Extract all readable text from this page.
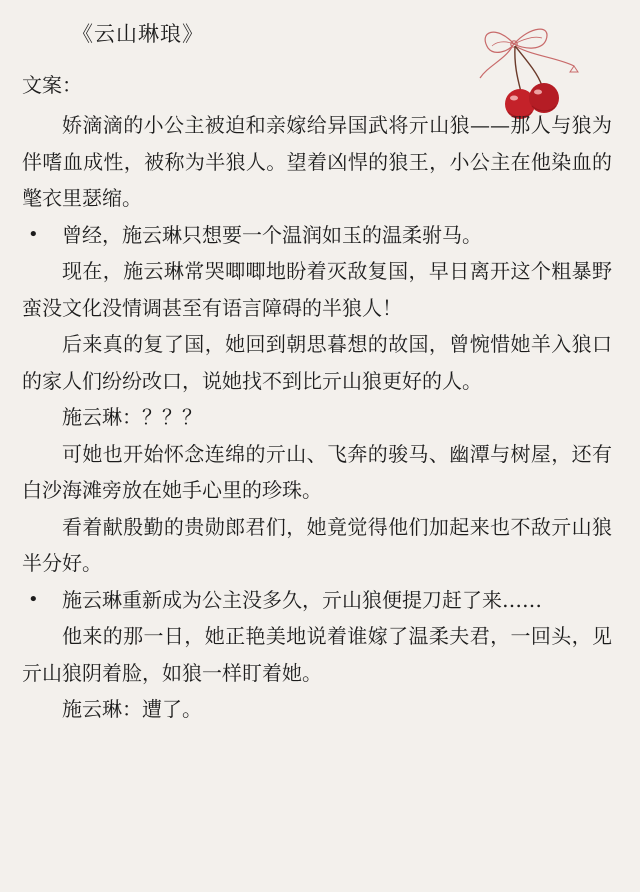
《云山琳琅》
文案：

娇滴滴的小公主被迫和亲嫁给异国武将亓山狼——那人与狼为伴嗜血成性，被称为半狼人。望着凶悍的狼王，小公主在他染血的氅衣里瑟缩。

• 曾经，施云琳只想要一个温润如玉的温柔驸马。

现在，施云琳常哭唧唧地盼着灭敌复国，早日离开这个粗暴野蛮没文化没情调甚至有语言障碍的半狼人！

后来真的复了国，她回到朝思暮想的故国，曾惋惜她羊入狼口的家人们纷纷改口，说她找不到比亓山狼更好的人。

施云琳：？？？

可她也开始怀念连绵的亓山、飞奔的骏马、幽潭与树屋，还有白沙海滩旁放在她手心里的珍珠。

看着献殷勤的贵勋郎君们，她竟觉得他们加起来也不敌亓山狼半分好。

• 施云琳重新成为公主没多久，亓山狼便提刀赶了来……

他来的那一日，她正艳美地说着谁嫁了温柔夫君，一回头，见亓山狼阴着脸，如狼一样盯着她。

施云琳：遭了。
